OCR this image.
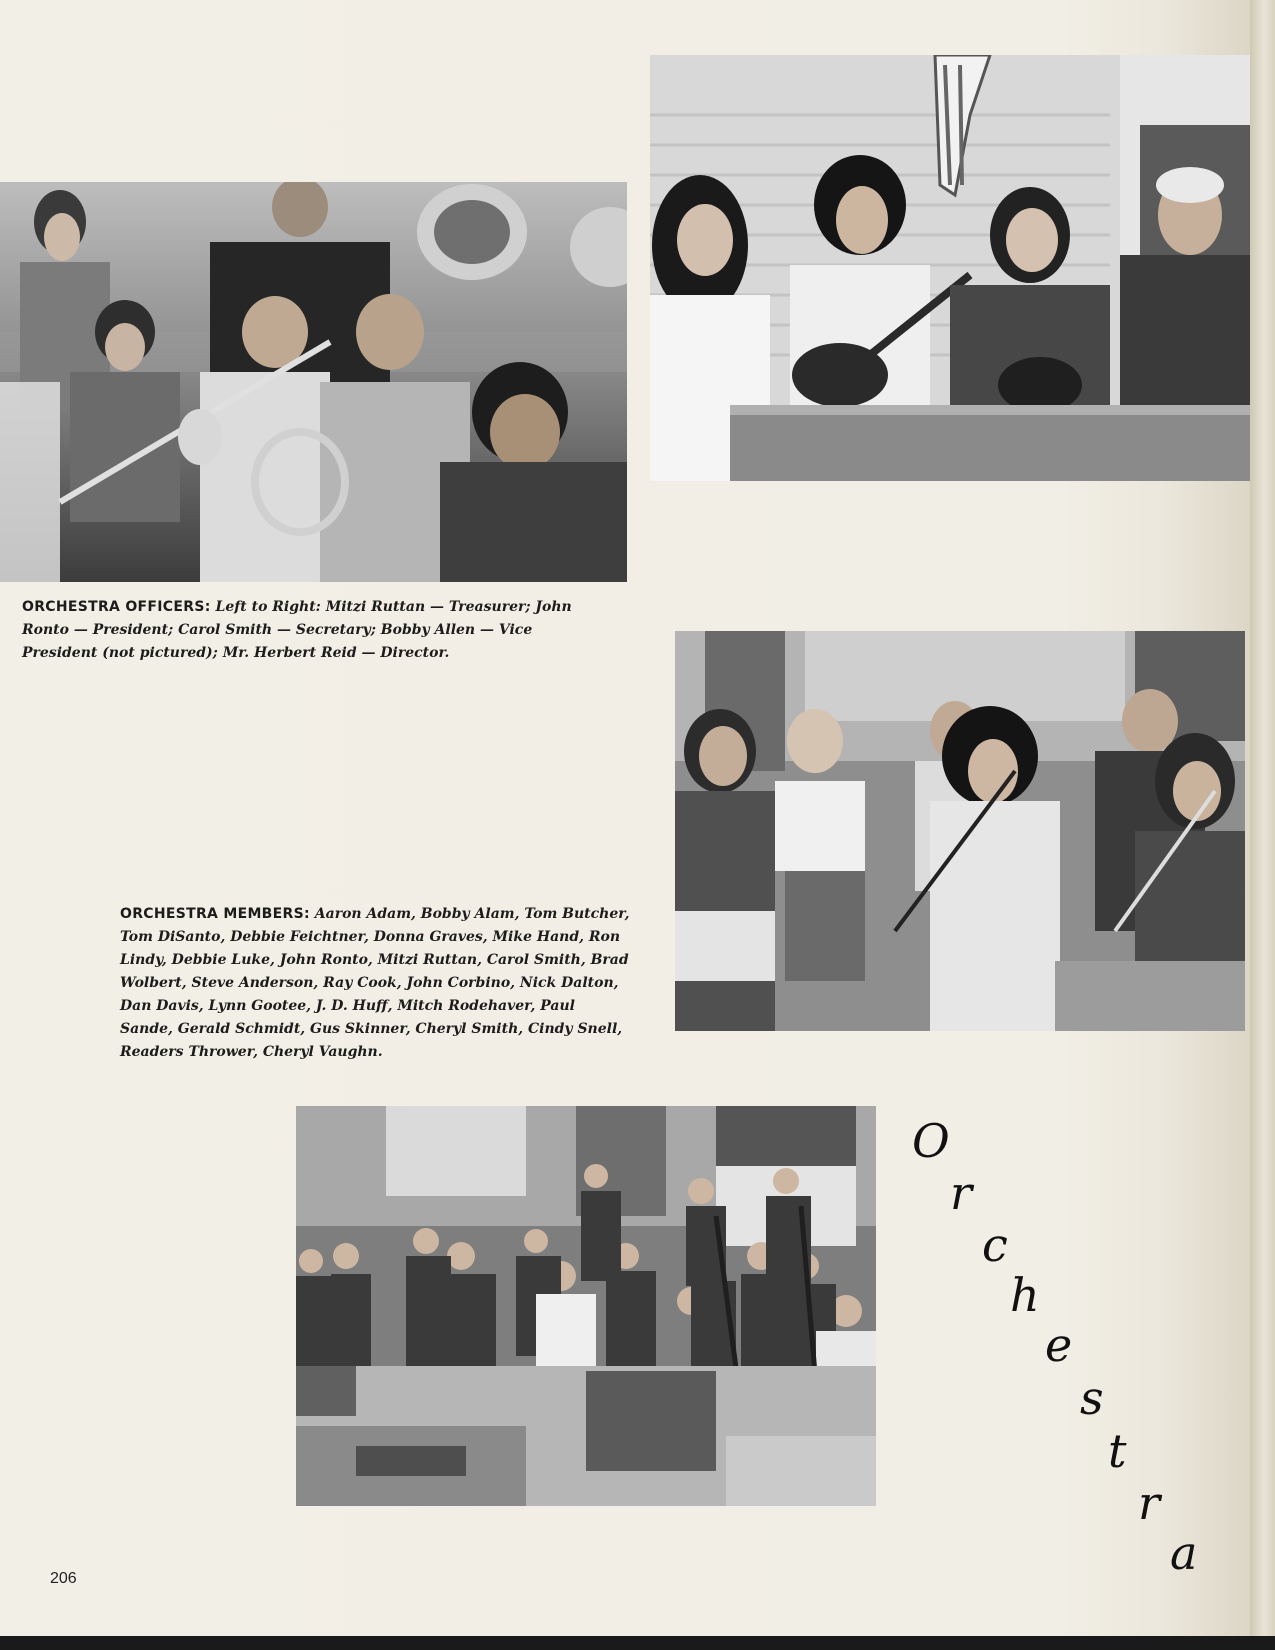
ORCHESTRA OFFICERS: Left to Right: Mitzi Ruttan — Treasurer; John Ronto — President; Carol Smith — Secretary; Bobby Allen — Vice President (not pictured); Mr. Herbert Reid — Director.

ORCHESTRA MEMBERS: Aaron Adam, Bobby Alam, Tom Butcher, Tom DiSanto, Debbie Feichtner, Donna Graves, Mike Hand, Ron Lindy, Debbie Luke, John Ronto, Mitzi Ruttan, Carol Smith, Brad Wolbert, Steve Anderson, Ray Cook, John Corbino, Nick Dalton, Dan Davis, Lynn Gootee, J. D. Huff, Mitch Rodehaver, Paul Sande, Gerald Schmidt, Gus Skinner, Cheryl Smith, Cindy Snell, Readers Thrower, Cheryl Vaughn.

O
r
c
h
e
s
t
r
a
206
